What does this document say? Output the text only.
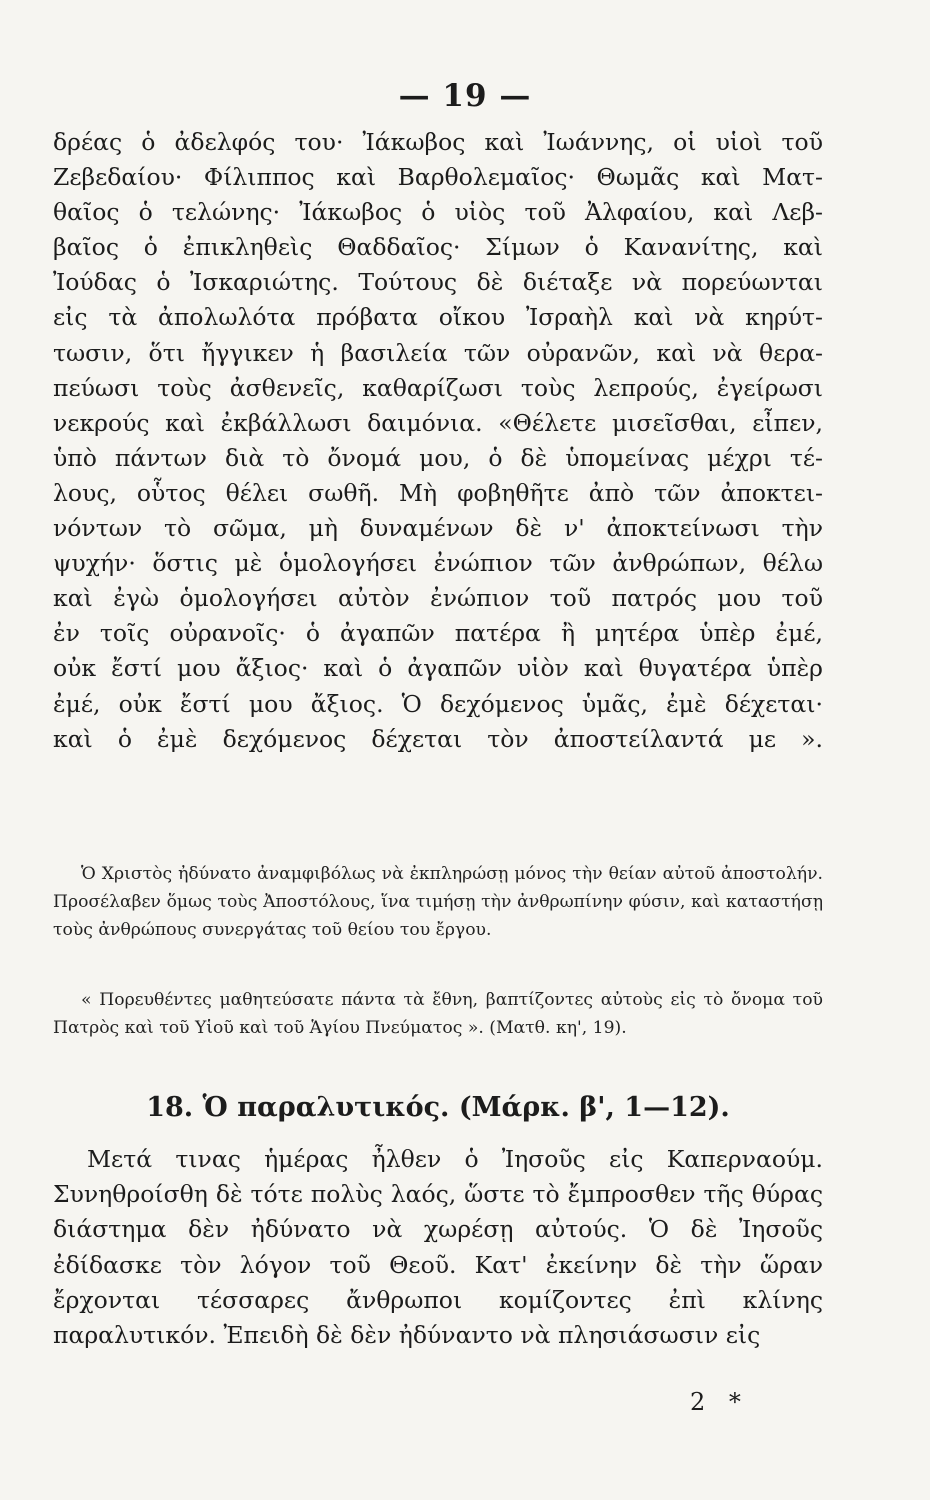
— 19 —
δρέας ὁ ἀδελφός του· Ἰάκωβος καὶ Ἰωάννης, οἱ υἱοὶ τοῦ
Ζεβεδαίου· Φίλιππος καὶ Βαρθολεμαῖος· Θωμᾶς καὶ Ματ-
θαῖος ὁ τελώνης· Ἰάκωβος ὁ υἱὸς τοῦ Ἀλφαίου, καὶ Λεβ-
βαῖος ὁ ἐπικληθεὶς Θαδδαῖος· Σίμων ὁ Κανανίτης, καὶ
Ἰούδας ὁ Ἰσκαριώτης. Τούτους δὲ διέταξε νὰ πορεύωνται
εἰς τὰ ἀπολωλότα πρόβατα οἴκου Ἰσραὴλ καὶ νὰ κηρύτ-
τωσιν, ὅτι ἤγγικεν ἡ βασιλεία τῶν οὐρανῶν, καὶ νὰ θερα-
πεύωσι τοὺς ἀσθενεῖς, καθαρίζωσι τοὺς λεπρούς, ἐγείρωσι
νεκρούς καὶ ἐκβάλλωσι δαιμόνια. «Θέλετε μισεῖσθαι, εἶπεν,
ὑπὸ πάντων διὰ τὸ ὄνομά μου, ὁ δὲ ὑπομείνας μέχρι τέ-
λους, οὗτος θέλει σωθῆ. Μὴ φοβηθῆτε ἀπὸ τῶν ἀποκτει-
νόντων τὸ σῶμα, μὴ δυναμένων δὲ ν' ἀποκτείνωσι τὴν
ψυχήν· ὅστις μὲ ὁμολογήσει ἐνώπιον τῶν ἀνθρώπων, θέλω
καὶ ἐγὼ ὁμολογήσει αὐτὸν ἐνώπιον τοῦ πατρός μου τοῦ
ἐν τοῖς οὐρανοῖς· ὁ ἀγαπῶν πατέρα ἢ μητέρα ὑπὲρ ἐμέ,
οὐκ ἔστί μου ἄξιος· καὶ ὁ ἀγαπῶν υἱὸν καὶ θυγατέρα ὑπὲρ
ἐμέ, οὐκ ἔστί μου ἄξιος. Ὁ δεχόμενος ὑμᾶς, ἐμὲ δέχεται·
καὶ ὁ ἐμὲ δεχόμενος δέχεται τὸν ἀποστείλαντά με ».

Ὁ Χριστὸς ἠδύνατο ἀναμφιβόλως νὰ ἐκπληρώσῃ μόνος τὴν θείαν αὐτοῦ ἀποστολήν. Προσέλαβεν ὅμως τοὺς Ἀποστόλους, ἵνα τιμήσῃ τὴν ἀνθρωπίνην φύσιν, καὶ καταστήσῃ τοὺς ἀνθρώπους συνεργάτας τοῦ θείου του ἔργου.

« Πορευθέντες μαθητεύσατε πάντα τὰ ἔθνη, βαπτίζοντες αὐτοὺς εἰς τὸ ὄνομα τοῦ Πατρὸς καὶ τοῦ Υἱοῦ καὶ τοῦ Ἁγίου Πνεύματος ». (Ματθ. κη', 19).

18. Ὁ παραλυτικός. (Μάρκ. β', 1—12).

Μετά τινας ἡμέρας ἦλθεν ὁ Ἰησοῦς εἰς Καπερναούμ. Συνηθροίσθη δὲ τότε πολὺς λαός, ὥστε τὸ ἔμπροσθεν τῆς θύρας διάστημα δὲν ἠδύνατο νὰ χωρέσῃ αὐτούς. Ὁ δὲ Ἰησοῦς ἐδίδασκε τὸν λόγον τοῦ Θεοῦ. Κατ' ἐκείνην δὲ τὴν ὥραν ἔρχονται τέσσαρες ἄνθρωποι κομίζοντες ἐπὶ κλίνης παραλυτικόν. Ἐπειδὴ δὲ δὲν ἠδύναντο νὰ πλησιάσωσιν εἰς

2 *
